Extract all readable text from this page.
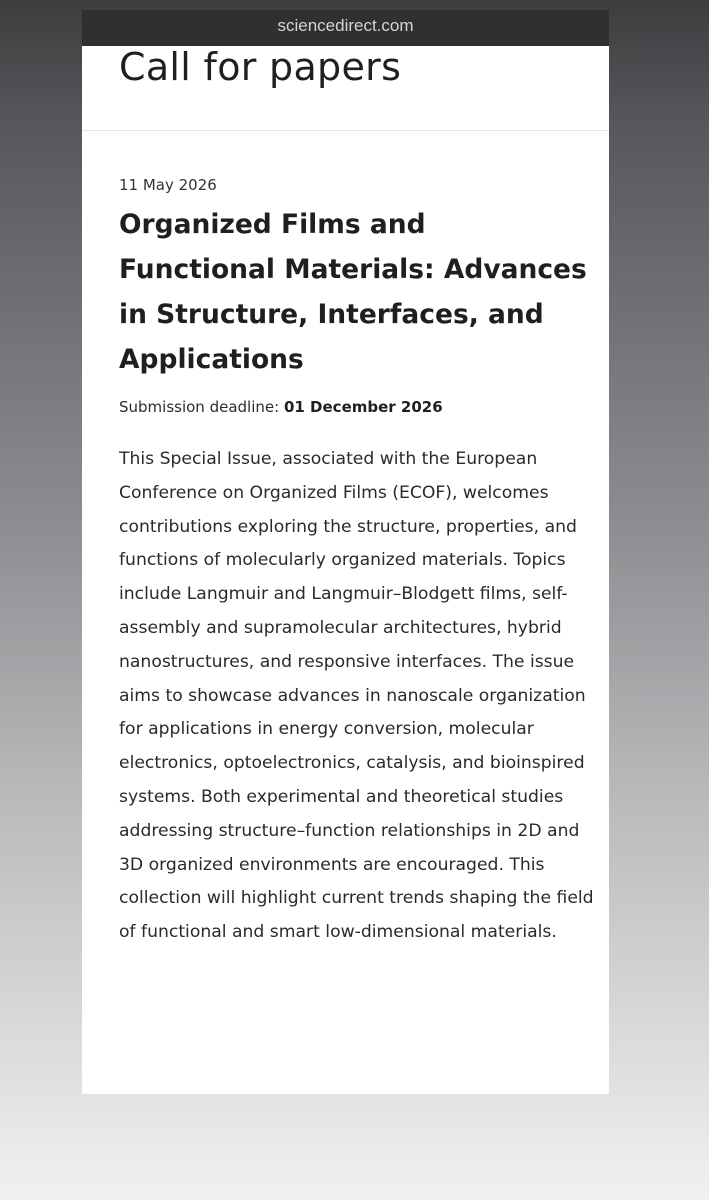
sciencedirect.com
Call for papers
11 May 2026
Organized Films and Functional Materials: Advances in Structure, Interfaces, and Applications
Submission deadline: 01 December 2026

This Special Issue, associated with the European Conference on Organized Films (ECOF), welcomes contributions exploring the structure, properties, and functions of molecularly organized materials. Topics include Langmuir and Langmuir–Blodgett films, self-assembly and supramolecular architectures, hybrid nanostructures, and responsive interfaces. The issue aims to showcase advances in nanoscale organization for applications in energy conversion, molecular electronics, optoelectronics, catalysis, and bioinspired systems. Both experimental and theoretical studies addressing structure–function relationships in 2D and 3D organized environments are encouraged. This collection will highlight current trends shaping the field of functional and smart low-dimensional materials.
